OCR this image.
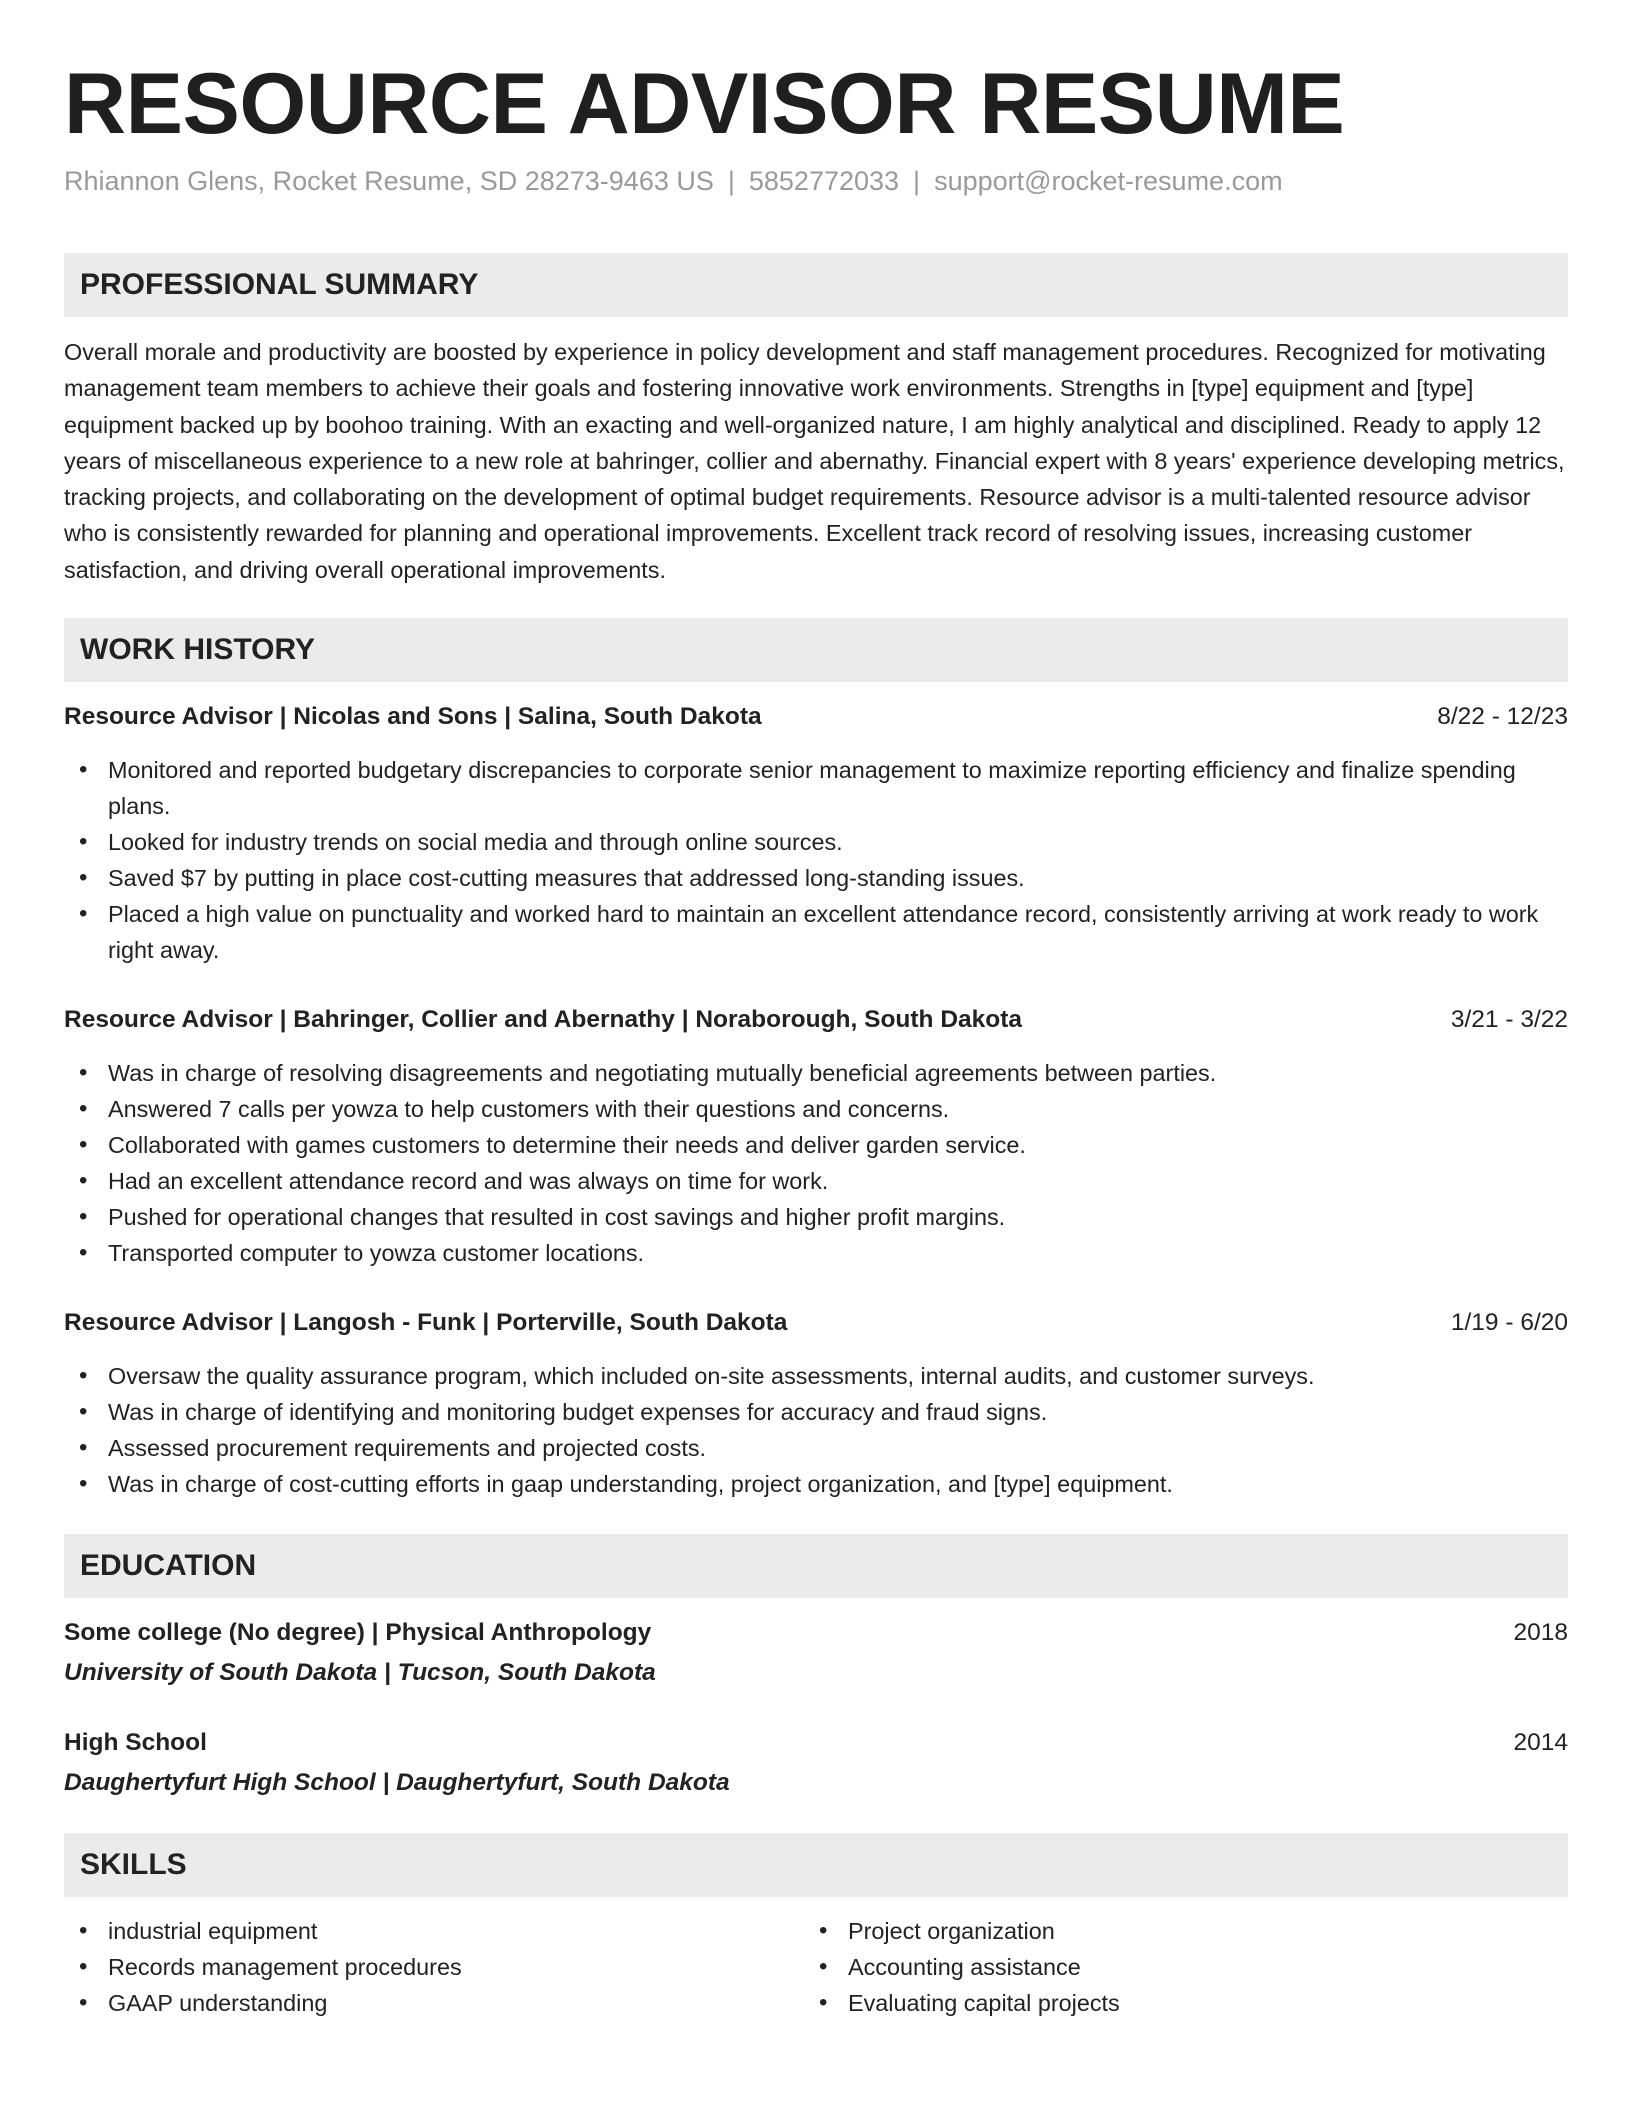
RESOURCE ADVISOR RESUME
Rhiannon Glens, Rocket Resume, SD 28273-9463 US | 5852772033 | support@rocket-resume.com
PROFESSIONAL SUMMARY

Overall morale and productivity are boosted by experience in policy development and staff management procedures. Recognized for motivating management team members to achieve their goals and fostering innovative work environments. Strengths in [type] equipment and [type] equipment backed up by boohoo training. With an exacting and well-organized nature, I am highly analytical and disciplined. Ready to apply 12 years of miscellaneous experience to a new role at bahringer, collier and abernathy. Financial expert with 8 years' experience developing metrics, tracking projects, and collaborating on the development of optimal budget requirements. Resource advisor is a multi-talented resource advisor who is consistently rewarded for planning and operational improvements. Excellent track record of resolving issues, increasing customer satisfaction, and driving overall operational improvements.

WORK HISTORY
Resource Advisor | Nicolas and Sons | Salina, South Dakota	8/22 - 12/23
• Monitored and reported budgetary discrepancies to corporate senior management to maximize reporting efficiency and finalize spending plans.
• Looked for industry trends on social media and through online sources.
• Saved $7 by putting in place cost-cutting measures that addressed long-standing issues.
• Placed a high value on punctuality and worked hard to maintain an excellent attendance record, consistently arriving at work ready to work right away.
Resource Advisor | Bahringer, Collier and Abernathy | Noraborough, South Dakota	3/21 - 3/22
• Was in charge of resolving disagreements and negotiating mutually beneficial agreements between parties.
• Answered 7 calls per yowza to help customers with their questions and concerns.
• Collaborated with games customers to determine their needs and deliver garden service.
• Had an excellent attendance record and was always on time for work.
• Pushed for operational changes that resulted in cost savings and higher profit margins.
• Transported computer to yowza customer locations.
Resource Advisor | Langosh - Funk | Porterville, South Dakota	1/19 - 6/20
• Oversaw the quality assurance program, which included on-site assessments, internal audits, and customer surveys.
• Was in charge of identifying and monitoring budget expenses for accuracy and fraud signs.
• Assessed procurement requirements and projected costs.
• Was in charge of cost-cutting efforts in gaap understanding, project organization, and [type] equipment.
EDUCATION
Some college (No degree) | Physical Anthropology	2018
University of South Dakota | Tucson, South Dakota
High School	2014
Daughertyfurt High School | Daughertyfurt, South Dakota
SKILLS
• industrial equipment
• Records management procedures
• GAAP understanding
• Project organization
• Accounting assistance
• Evaluating capital projects
